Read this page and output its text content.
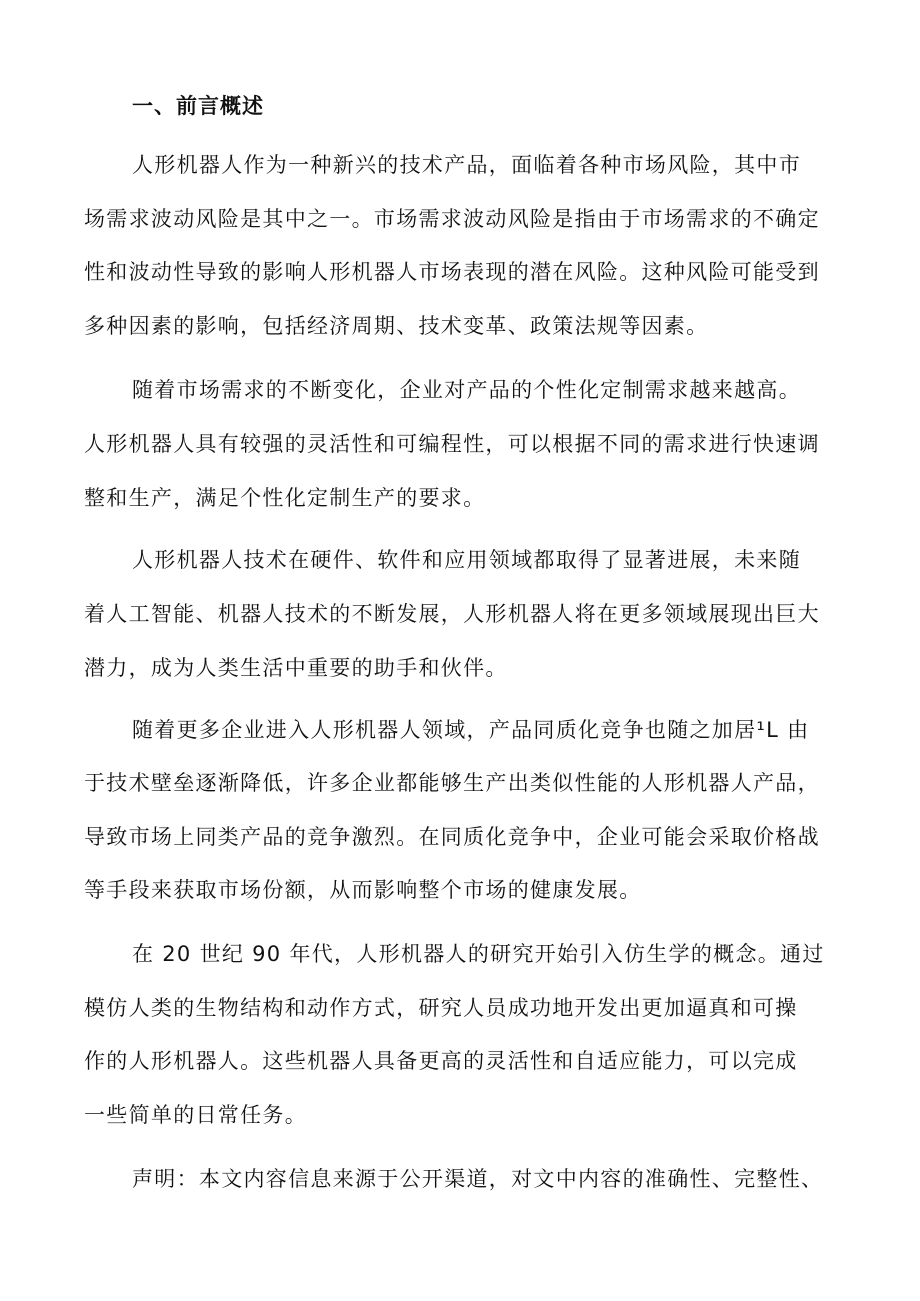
一、前言概述
人形机器人作为一种新兴的技术产品，面临着各种市场风险，其中市
场需求波动风险是其中之一。市场需求波动风险是指由于市场需求的不确定
性和波动性导致的影响人形机器人市场表现的潜在风险。这种风险可能受到
多种因素的影响，包括经济周期、技术变革、政策法规等因素。
随着市场需求的不断变化，企业对产品的个性化定制需求越来越高。
人形机器人具有较强的灵活性和可编程性，可以根据不同的需求进行快速调
整和生产，满足个性化定制生产的要求。
人形机器人技术在硬件、软件和应用领域都取得了显著进展，未来随
着人工智能、机器人技术的不断发展，人形机器人将在更多领域展现出巨大
潜力，成为人类生活中重要的助手和伙伴。
随着更多企业进入人形机器人领域，产品同质化竞争也随之加居¹L 由
于技术壁垒逐渐降低，许多企业都能够生产出类似性能的人形机器人产品，
导致市场上同类产品的竞争激烈。在同质化竞争中，企业可能会采取价格战
等手段来获取市场份额，从而影响整个市场的健康发展。
在 20 世纪 90 年代，人形机器人的研究开始引入仿生学的概念。通过
模仿人类的生物结构和动作方式，研究人员成功地开发出更加逼真和可操
作的人形机器人。这些机器人具备更高的灵活性和自适应能力，可以完成
一些简单的日常任务。
声明：本文内容信息来源于公开渠道，对文中内容的准确性、完整性、
